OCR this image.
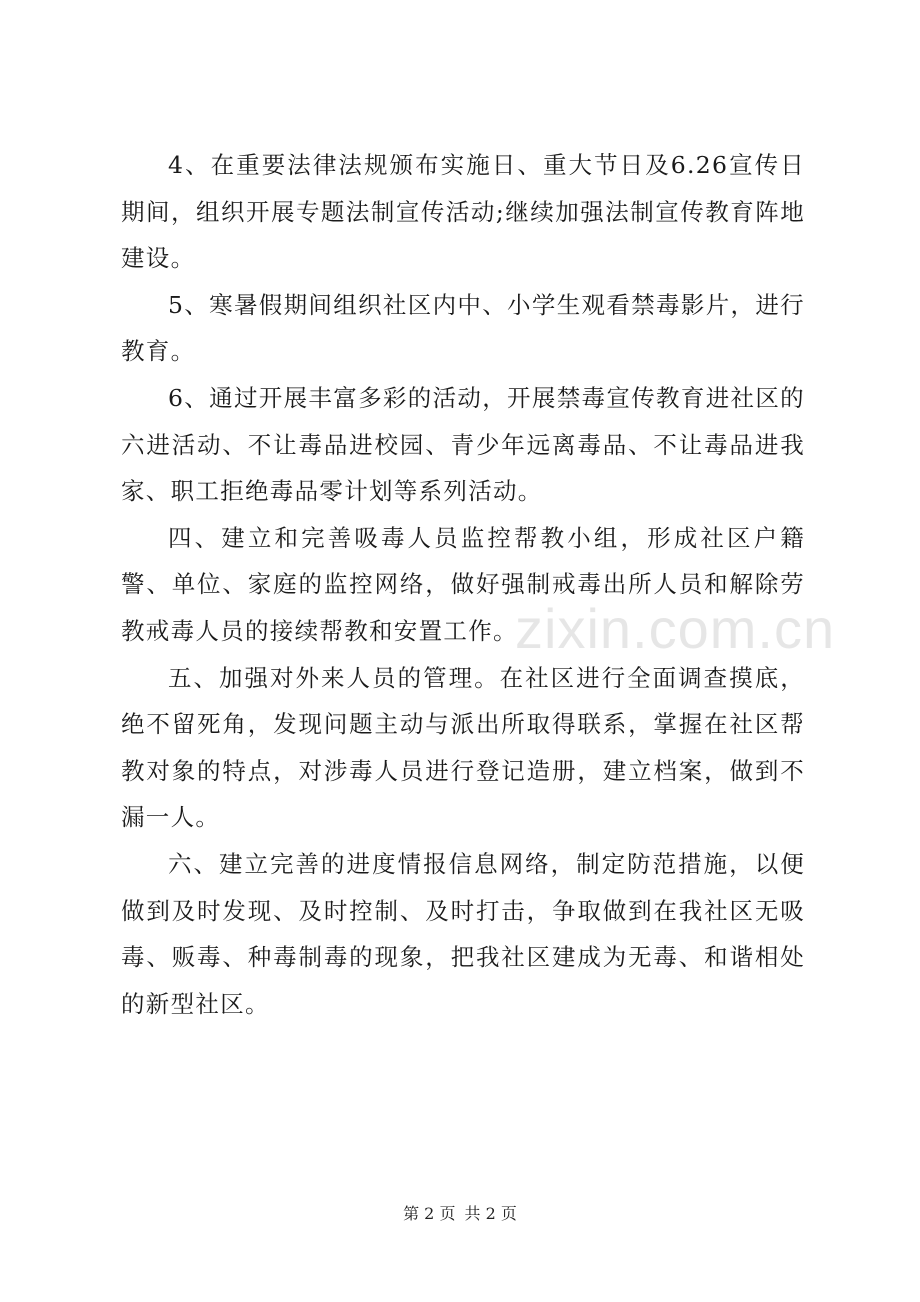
4、在重要法律法规颁布实施日、重大节日及6.26宣传日期间，组织开展专题法制宣传活动;继续加强法制宣传教育阵地建设。

5、寒暑假期间组织社区内中、小学生观看禁毒影片，进行教育。

6、通过开展丰富多彩的活动，开展禁毒宣传教育进社区的六进活动、不让毒品进校园、青少年远离毒品、不让毒品进我家、职工拒绝毒品零计划等系列活动。

四、建立和完善吸毒人员监控帮教小组，形成社区户籍警、单位、家庭的监控网络，做好强制戒毒出所人员和解除劳教戒毒人员的接续帮教和安置工作。

五、加强对外来人员的管理。在社区进行全面调查摸底，绝不留死角，发现问题主动与派出所取得联系，掌握在社区帮教对象的特点，对涉毒人员进行登记造册，建立档案，做到不漏一人。

六、建立完善的进度情报信息网络，制定防范措施，以便做到及时发现、及时控制、及时打击，争取做到在我社区无吸毒、贩毒、种毒制毒的现象，把我社区建成为无毒、和谐相处的新型社区。

zixin.com.cn
第 2 页 共 2 页
